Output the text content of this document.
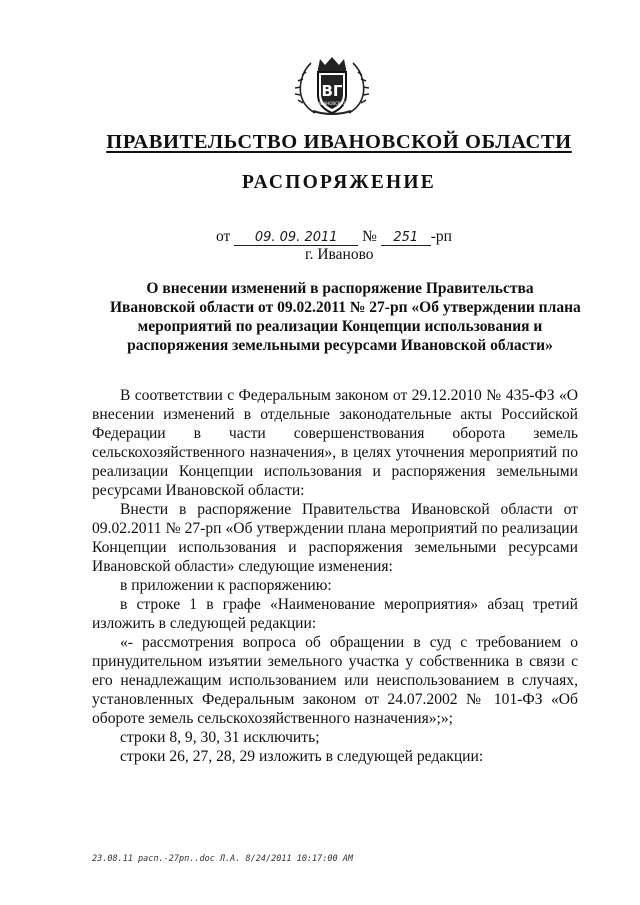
ВГ
ИВАНОВСКАЯ
ПРАВИТЕЛЬСТВО ИВАНОВСКОЙ ОБЛАСТИ
РАСПОРЯЖЕНИЕ
от 09. 09. 2011 № 251 -рп
г. Иваново
О внесении изменений в распоряжение Правительства
Ивановской области от 09.02.2011 № 27-рп «Об утверждении плана
мероприятий по реализации Концепции использования и
распоряжения земельными ресурсами Ивановской области»

В соответствии с Федеральным законом от 29.12.2010 № 435-ФЗ «О внесении изменений в отдельные законодательные акты Российской Федерации в части совершенствования оборота земель сельскохозяйственного назначения», в целях уточнения мероприятий по реализации Концепции использования и распоряжения земельными ресурсами Ивановской области:

Внести в распоряжение Правительства Ивановской области от 09.02.2011 № 27-рп «Об утверждении плана мероприятий по реализации Концепции использования и распоряжения земельными ресурсами Ивановской области» следующие изменения:

в приложении к распоряжению:

в строке 1 в графе «Наименование мероприятия» абзац третий изложить в следующей редакции:

«- рассмотрения вопроса об обращении в суд с требованием о принудительном изъятии земельного участка у собственника в связи с его ненадлежащим использованием или неиспользованием в случаях, установленных Федеральным законом от 24.07.2002 № 101-ФЗ «Об обороте земель сельскохозяйственного назначения»;»;

строки 8, 9, 30, 31 исключить;

строки 26, 27, 28, 29 изложить в следующей редакции:

23.08.11 расп.-27рп..doc Л.А. 8/24/2011 10:17:00 AM
